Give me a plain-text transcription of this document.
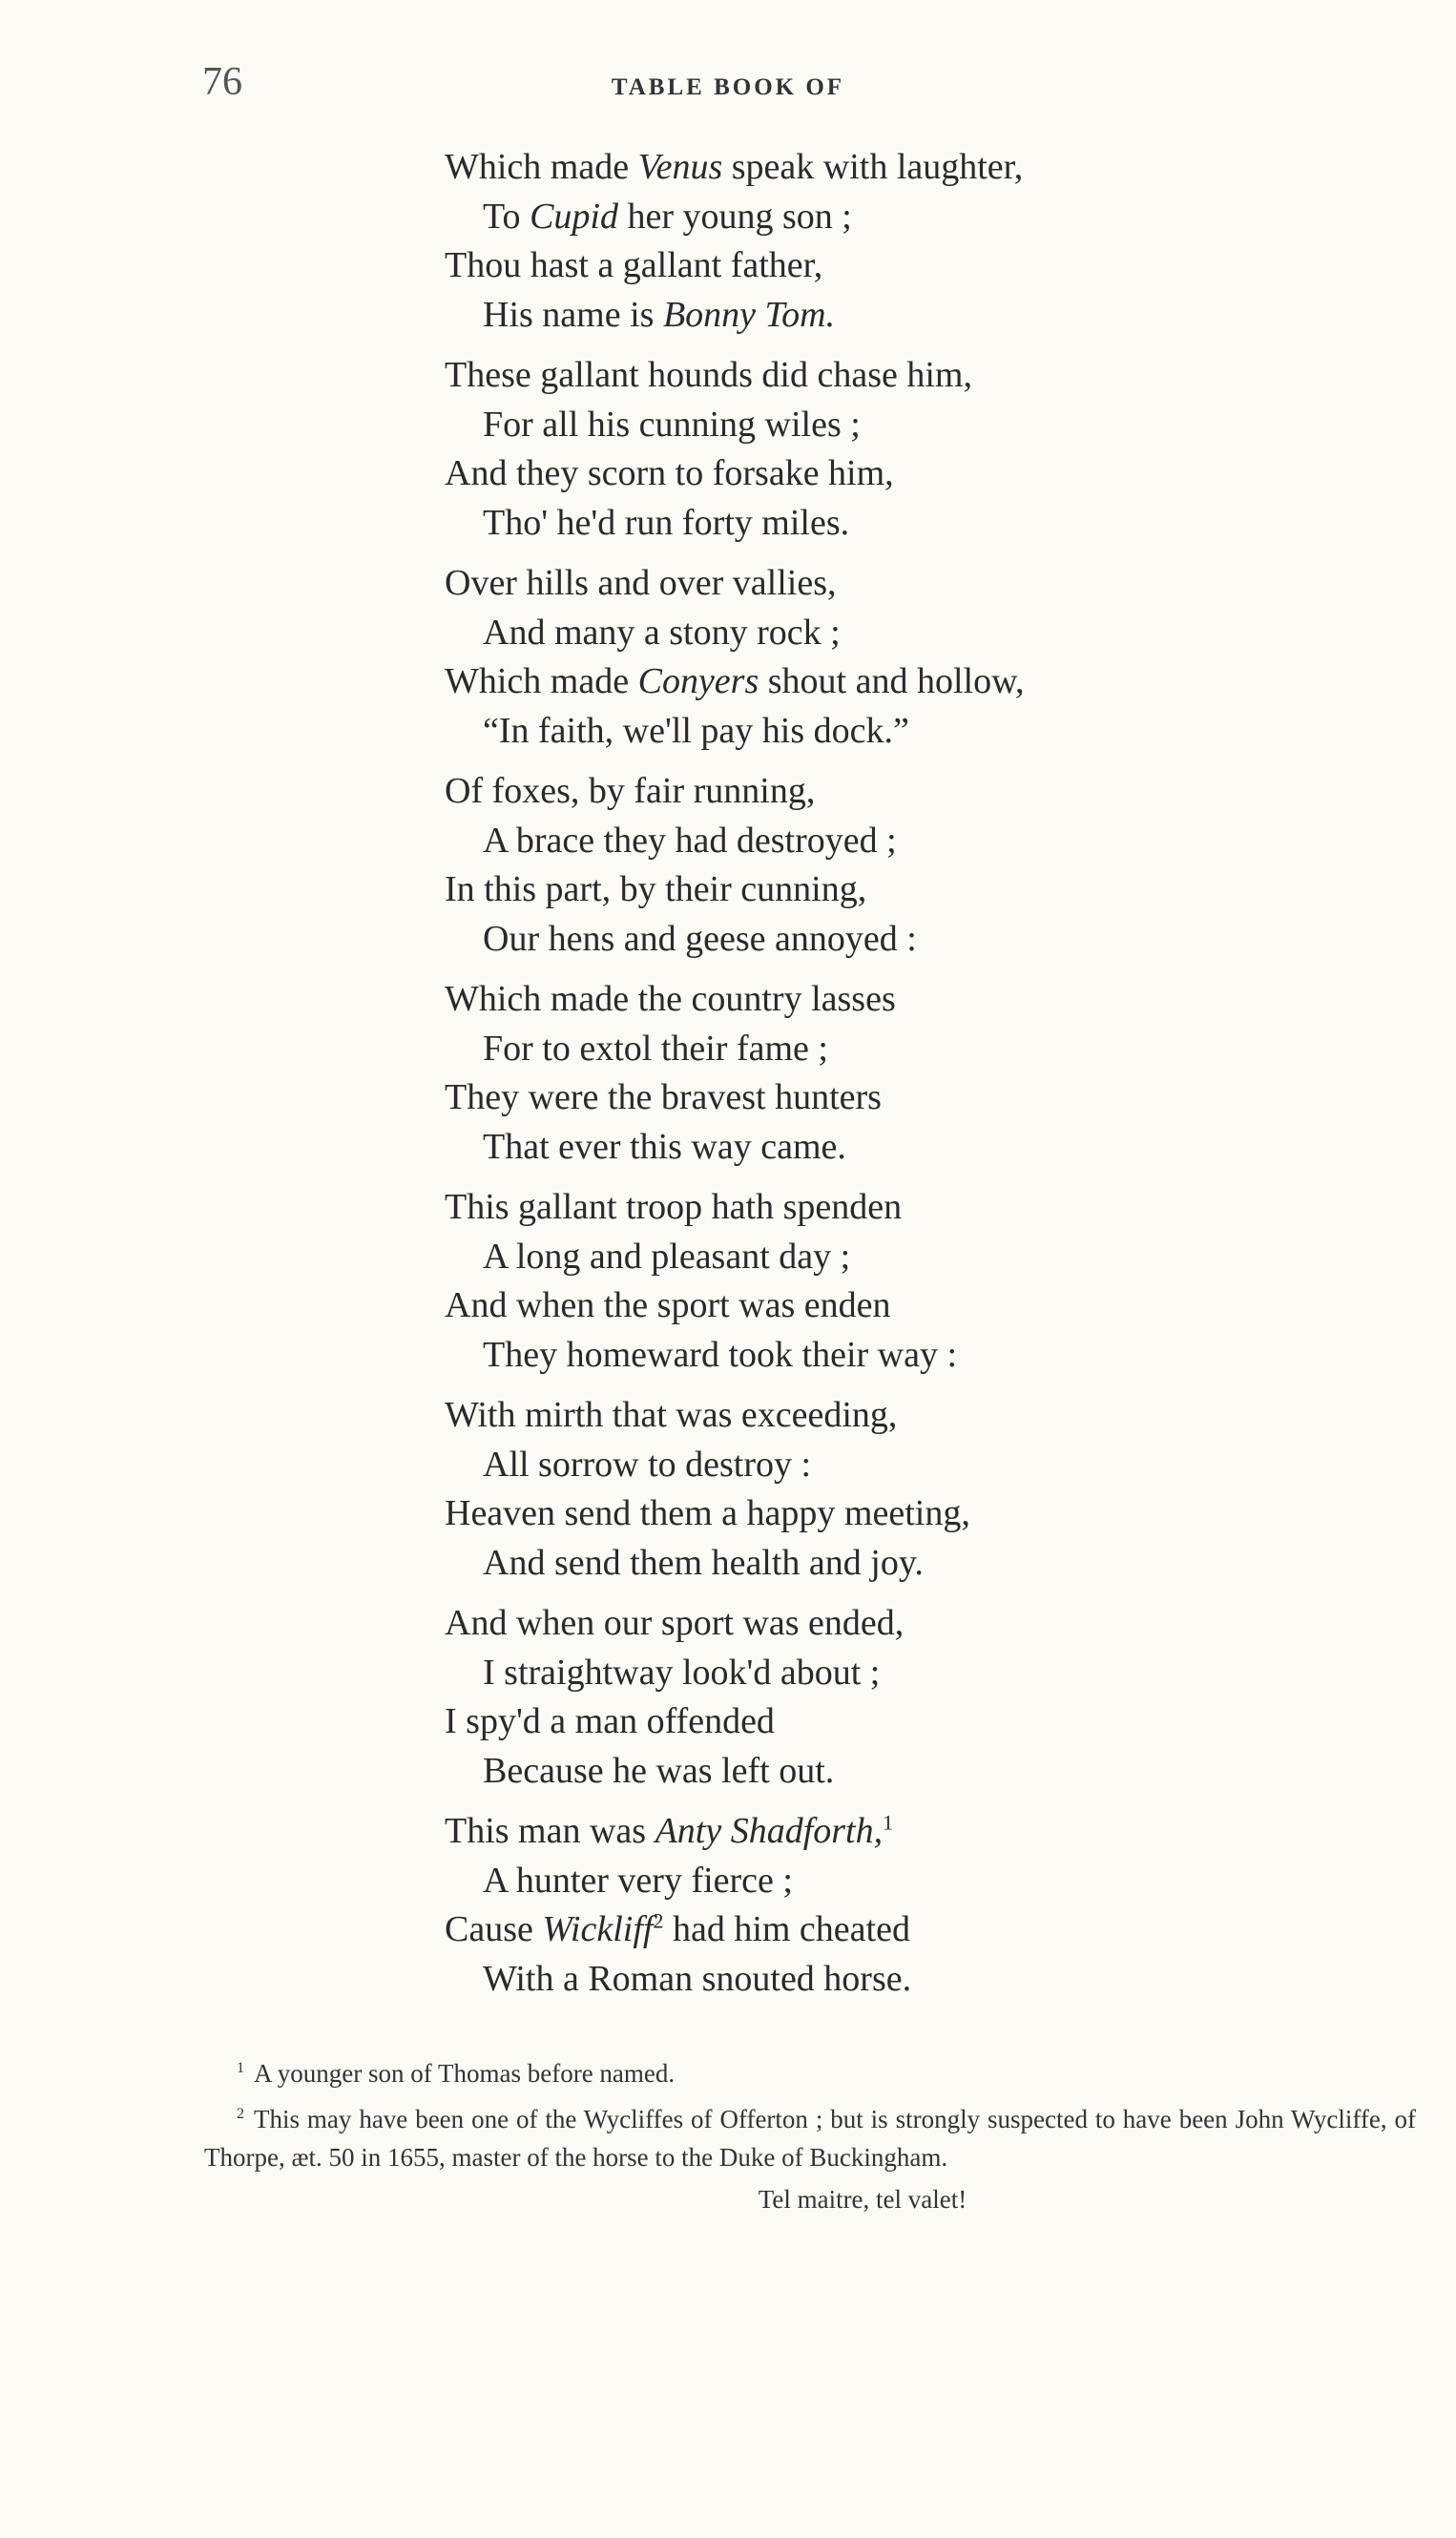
76	TABLE BOOK OF
Which made Venus speak with laughter,
To Cupid her young son ;
Thou hast a gallant father,
His name is Bonny Tom.
These gallant hounds did chase him,
For all his cunning wiles ;
And they scorn to forsake him,
Tho' he'd run forty miles.
Over hills and over vallies,
And many a stony rock ;
Which made Conyers shout and hollow,
“In faith, we'll pay his dock.”
Of foxes, by fair running,
A brace they had destroyed ;
In this part, by their cunning,
Our hens and geese annoyed :
Which made the country lasses
For to extol their fame ;
They were the bravest hunters
That ever this way came.
This gallant troop hath spenden
A long and pleasant day ;
And when the sport was enden
They homeward took their way :
With mirth that was exceeding,
All sorrow to destroy :
Heaven send them a happy meeting,
And send them health and joy.
And when our sport was ended,
I straightway look'd about ;
I spy'd a man offended
Because he was left out.
This man was Anty Shadforth,$^1$
A hunter very fierce ;
Cause Wickliff$^2$ had him cheated
With a Roman snouted horse.

$^1$ A younger son of Thomas before named.

$^2$ This may have been one of the Wycliffes of Offerton ; but is strongly suspected to have been John Wycliffe, of Thorpe, æt. 50 in 1655, master of the horse to the Duke of Buckingham.

Tel maitre, tel valet!
